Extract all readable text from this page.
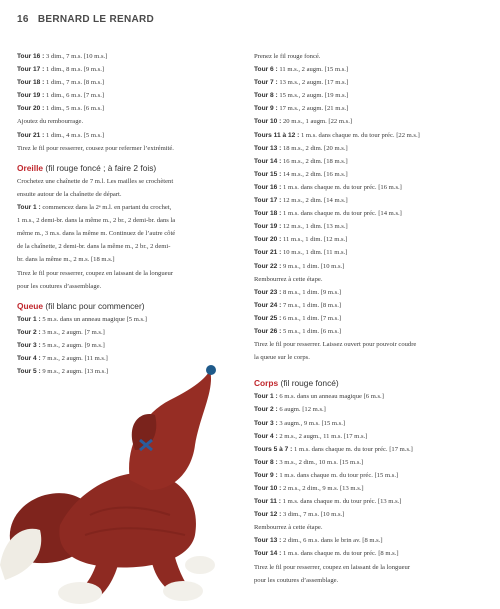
16 BERNARD LE RENARD
Tour 16 : 3 dim., 7 m.s. [10 m.s.]
Tour 17 : 1 dim., 8 m.s. [9 m.s.]
Tour 18 : 1 dim., 7 m.s. [8 m.s.]
Tour 19 : 1 dim., 6 m.s. [7 m.s.]
Tour 20 : 1 dim., 5 m.s. [6 m.s.]
Ajoutez du rembourrage.
Tour 21 : 1 dim., 4 m.s. [5 m.s.]
Tirez le fil pour resserrer, cousez pour refermer l’extrémité.
Oreille (fil rouge foncé ; à faire 2 fois)
Crochetez une chaînette de 7 m.l. Les mailles se crochètent
ensuite autour de la chaînette de départ.
Tour 1 : commencez dans la 2ᵉ m.l. en partant du crochet,
1 m.s., 2 demi-br. dans la même m., 2 br., 2 demi-br. dans la
même m., 3 m.s. dans la même m. Continuez de l’autre côté
de la chaînette, 2 demi-br. dans la même m., 2 br., 2 demi-
br. dans la même m., 2 m.s. [18 m.s.]
Tirez le fil pour resserrer, coupez en laissant de la longueur
pour les coutures d’assemblage.
Queue (fil blanc pour commencer)
Tour 1 : 5 m.s. dans un anneau magique [5 m.s.]
Tour 2 : 3 m.s., 2 augm. [7 m.s.]
Tour 3 : 5 m.s., 2 augm. [9 m.s.]
Tour 4 : 7 m.s., 2 augm. [11 m.s.]
Tour 5 : 9 m.s., 2 augm. [13 m.s.]
Prenez le fil rouge foncé.
Tour 6 : 11 m.s., 2 augm. [15 m.s.]
Tour 7 : 13 m.s., 2 augm. [17 m.s.]
Tour 8 : 15 m.s., 2 augm. [19 m.s.]
Tour 9 : 17 m.s., 2 augm. [21 m.s.]
Tour 10 : 20 m.s., 1 augm. [22 m.s.]
Tours 11 à 12 : 1 m.s. dans chaque m. du tour préc. [22 m.s.]
Tour 13 : 18 m.s., 2 dim. [20 m.s.]
Tour 14 : 16 m.s., 2 dim. [18 m.s.]
Tour 15 : 14 m.s., 2 dim. [16 m.s.]
Tour 16 : 1 m.s. dans chaque m. du tour préc. [16 m.s.]
Tour 17 : 12 m.s., 2 dim. [14 m.s.]
Tour 18 : 1 m.s. dans chaque m. du tour préc. [14 m.s.]
Tour 19 : 12 m.s., 1 dim. [13 m.s.]
Tour 20 : 11 m.s., 1 dim. [12 m.s.]
Tour 21 : 10 m.s., 1 dim. [11 m.s.]
Tour 22 : 9 m.s., 1 dim. [10 m.s.]
Rembourrez à cette étape.
Tour 23 : 8 m.s., 1 dim. [9 m.s.]
Tour 24 : 7 m.s., 1 dim. [8 m.s.]
Tour 25 : 6 m.s., 1 dim. [7 m.s.]
Tour 26 : 5 m.s., 1 dim. [6 m.s.]
Tirez le fil pour resserrer. Laissez ouvert pour pouvoir coudre
la queue sur le corps.
Corps (fil rouge foncé)
Tour 1 : 6 m.s. dans un anneau magique [6 m.s.]
Tour 2 : 6 augm. [12 m.s.]
Tour 3 : 3 augm., 9 m.s. [15 m.s.]
Tour 4 : 2 m.s., 2 augm., 11 m.s. [17 m.s.]
Tours 5 à 7 : 1 m.s. dans chaque m. du tour préc. [17 m.s.]
Tour 8 : 3 m.s., 2 dim., 10 m.s. [15 m.s.]
Tour 9 : 1 m.s. dans chaque m. du tour préc. [15 m.s.]
Tour 10 : 2 m.s., 2 dim., 9 m.s. [13 m.s.]
Tour 11 : 1 m.s. dans chaque m. du tour préc. [13 m.s.]
Tour 12 : 3 dim., 7 m.s. [10 m.s.]
Rembourrez à cette étape.
Tour 13 : 2 dim., 6 m.s. dans le brin av. [8 m.s.]
Tour 14 : 1 m.s. dans chaque m. du tour préc. [8 m.s.]
Tirez le fil pour resserrer, coupez en laissant de la longueur
pour les coutures d’assemblage.
